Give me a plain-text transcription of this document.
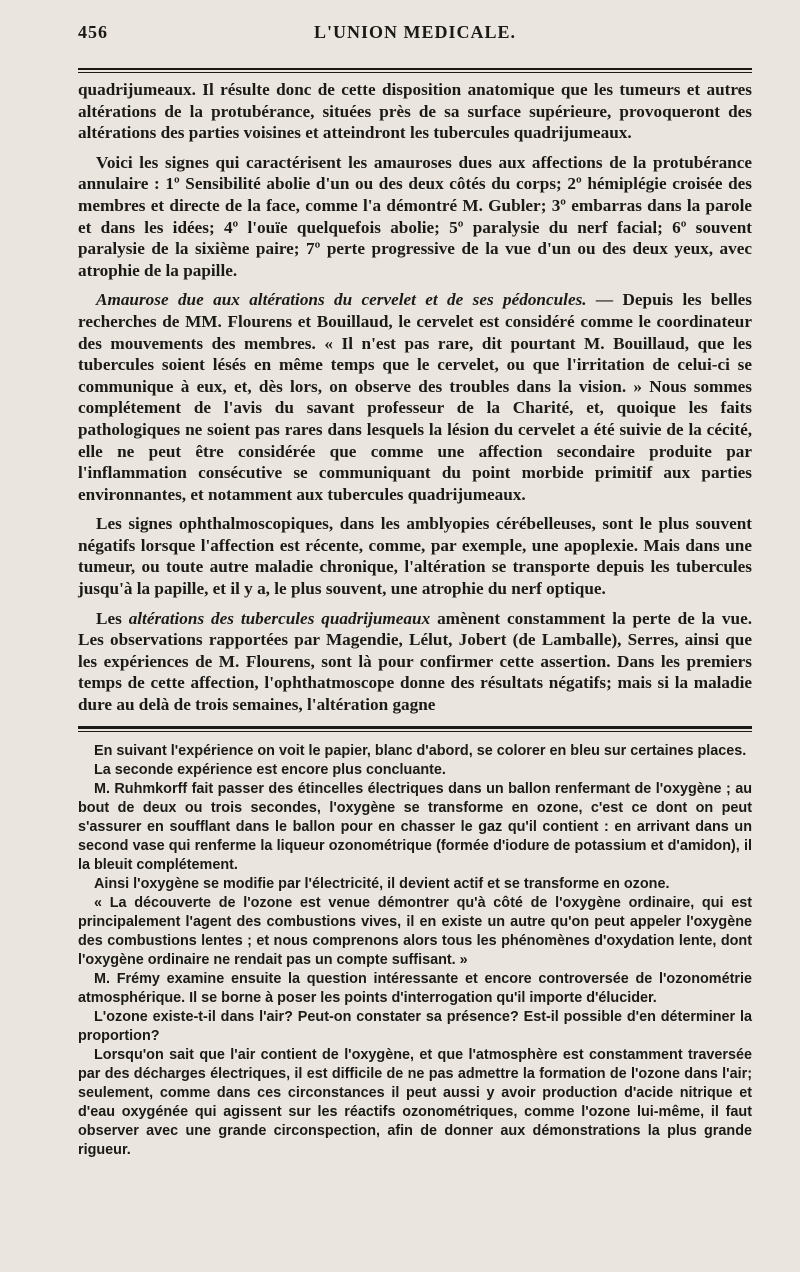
456	L'UNION MEDICALE.

quadrijumeaux. Il résulte donc de cette disposition anatomique que les tumeurs et autres altérations de la protubérance, situées près de sa surface supérieure, provoqueront des altérations des parties voisines et atteindront les tubercules quadrijumeaux.

Voici les signes qui caractérisent les amauroses dues aux affections de la protubérance annulaire : 1º Sensibilité abolie d'un ou des deux côtés du corps; 2º hémiplégie croisée des membres et directe de la face, comme l'a démontré M. Gubler; 3º embarras dans la parole et dans les idées; 4º l'ouïe quelquefois abolie; 5º paralysie du nerf facial; 6º souvent paralysie de la sixième paire; 7º perte progressive de la vue d'un ou des deux yeux, avec atrophie de la papille.

Amaurose due aux altérations du cervelet et de ses pédoncules. — Depuis les belles recherches de MM. Flourens et Bouillaud, le cervelet est considéré comme le coordinateur des mouvements des membres. « Il n'est pas rare, dit pourtant M. Bouillaud, que les tubercules soient lésés en même temps que le cervelet, ou que l'irritation de celui-ci se communique à eux, et, dès lors, on observe des troubles dans la vision. » Nous sommes complétement de l'avis du savant professeur de la Charité, et, quoique les faits pathologiques ne soient pas rares dans lesquels la lésion du cervelet a été suivie de la cécité, elle ne peut être considérée que comme une affection secondaire produite par l'inflammation consécutive se communiquant du point morbide primitif aux parties environnantes, et notamment aux tubercules quadrijumeaux.

Les signes ophthalmoscopiques, dans les amblyopies cérébelleuses, sont le plus souvent négatifs lorsque l'affection est récente, comme, par exemple, une apoplexie. Mais dans une tumeur, ou toute autre maladie chronique, l'altération se transporte depuis les tubercules jusqu'à la papille, et il y a, le plus souvent, une atrophie du nerf optique.

Les altérations des tubercules quadrijumeaux amènent constamment la perte de la vue. Les observations rapportées par Magendie, Lélut, Jobert (de Lamballe), Serres, ainsi que les expériences de M. Flourens, sont là pour confirmer cette assertion. Dans les premiers temps de cette affection, l'ophthatmoscope donne des résultats négatifs; mais si la maladie dure au delà de trois semaines, l'altération gagne

En suivant l'expérience on voit le papier, blanc d'abord, se colorer en bleu sur certaines places.

La seconde expérience est encore plus concluante.

M. Ruhmkorff fait passer des étincelles électriques dans un ballon renfermant de l'oxygène ; au bout de deux ou trois secondes, l'oxygène se transforme en ozone, c'est ce dont on peut s'assurer en soufflant dans le ballon pour en chasser le gaz qu'il contient : en arrivant dans un second vase qui renferme la liqueur ozonométrique (formée d'iodure de potassium et d'amidon), il la bleuit complétement.

Ainsi l'oxygène se modifie par l'électricité, il devient actif et se transforme en ozone.

« La découverte de l'ozone est venue démontrer qu'à côté de l'oxygène ordinaire, qui est principalement l'agent des combustions vives, il en existe un autre qu'on peut appeler l'oxygène des combustions lentes ; et nous comprenons alors tous les phénomènes d'oxydation lente, dont l'oxygène ordinaire ne rendait pas un compte suffisant. »

M. Frémy examine ensuite la question intéressante et encore controversée de l'ozonométrie atmosphérique. Il se borne à poser les points d'interrogation qu'il importe d'élucider.

L'ozone existe-t-il dans l'air? Peut-on constater sa présence? Est-il possible d'en déterminer la proportion?

Lorsqu'on sait que l'air contient de l'oxygène, et que l'atmosphère est constamment traversée par des décharges électriques, il est difficile de ne pas admettre la formation de l'ozone dans l'air; seulement, comme dans ces circonstances il peut aussi y avoir production d'acide nitrique et d'eau oxygénée qui agissent sur les réactifs ozonométriques, comme l'ozone lui-même, il faut observer avec une grande circonspection, afin de donner aux démonstrations la plus grande rigueur.
